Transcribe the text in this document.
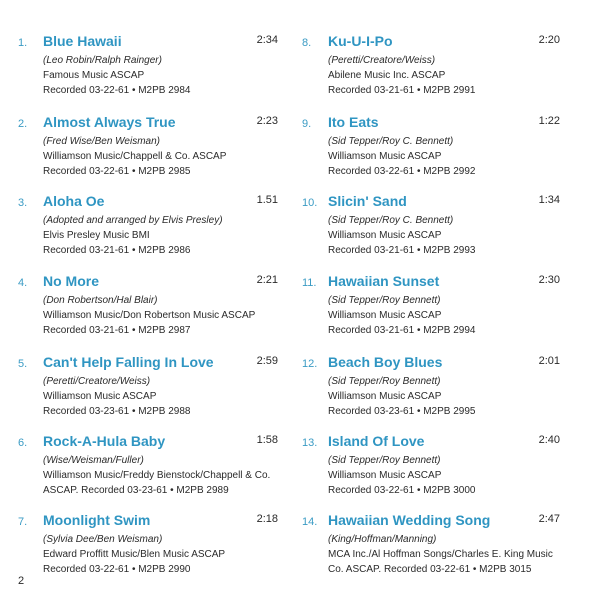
1.	Blue Hawaii	2:34
(Leo Robin/Ralph Rainger)
Famous Music ASCAP
Recorded 03-22-61 • M2PB 2984
2.	Almost Always True	2:23
(Fred Wise/Ben Weisman)
Williamson Music/Chappell & Co. ASCAP
Recorded 03-22-61 • M2PB 2985
3.	Aloha Oe	1.51
(Adopted and arranged by Elvis Presley)
Elvis Presley Music BMI
Recorded 03-21-61 • M2PB 2986
4.	No More	2:21
(Don Robertson/Hal Blair)
Williamson Music/Don Robertson Music ASCAP
Recorded 03-21-61 • M2PB 2987
5.	Can't Help Falling In Love	2:59
(Peretti/Creatore/Weiss)
Williamson Music ASCAP
Recorded 03-23-61 • M2PB 2988
6.	Rock-A-Hula Baby	1:58
(Wise/Weisman/Fuller)
Williamson Music/Freddy Bienstock/Chappell & Co.
ASCAP. Recorded 03-23-61 • M2PB 2989
7.	Moonlight Swim	2:18
(Sylvia Dee/Ben Weisman)
Edward Proffitt Music/Blen Music ASCAP
Recorded 03-22-61 • M2PB 2990
8.	Ku-U-I-Po	2:20
(Peretti/Creatore/Weiss)
Abilene Music Inc. ASCAP
Recorded 03-21-61 • M2PB 2991
9.	Ito Eats	1:22
(Sid Tepper/Roy C. Bennett)
Williamson Music ASCAP
Recorded 03-22-61 • M2PB 2992
10. Slicin' Sand	1:34
(Sid Tepper/Roy C. Bennett)
Williamson Music ASCAP
Recorded 03-21-61 • M2PB 2993
11. Hawaiian Sunset	2:30
(Sid Tepper/Roy Bennett)
Williamson Music ASCAP
Recorded 03-21-61 • M2PB 2994
12. Beach Boy Blues	2:01
(Sid Tepper/Roy Bennett)
Williamson Music ASCAP
Recorded 03-23-61 • M2PB 2995
13. Island Of Love	2:40
(Sid Tepper/Roy Bennett)
Williamson Music ASCAP
Recorded 03-22-61 • M2PB 3000
14. Hawaiian Wedding Song	2:47
(King/Hoffman/Manning)
MCA Inc./Al Hoffman Songs/Charles E. King Music
Co. ASCAP. Recorded 03-22-61 • M2PB 3015
2
